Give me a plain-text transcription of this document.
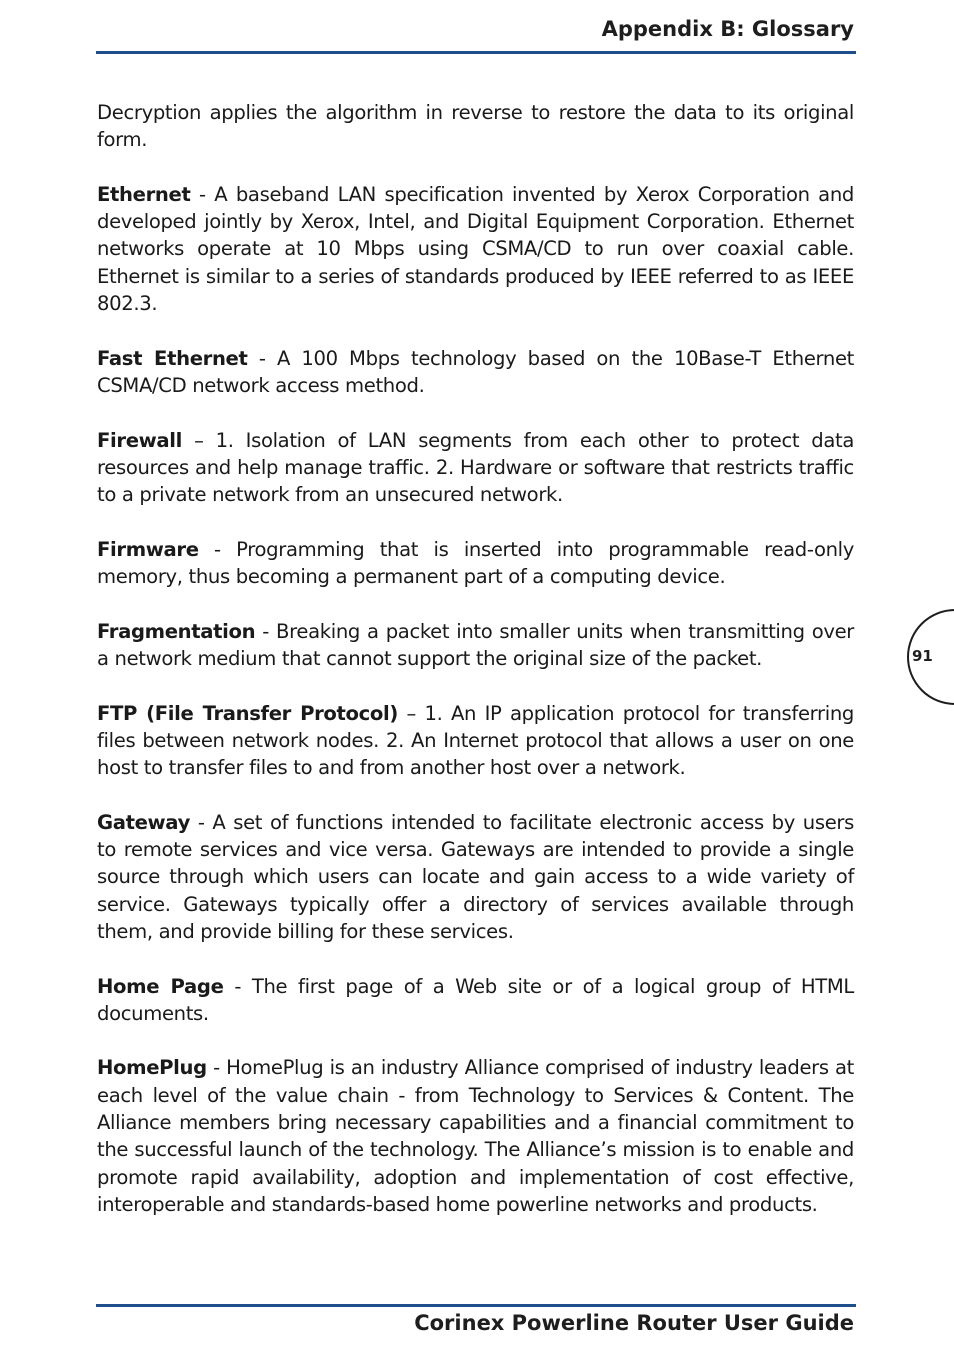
Appendix B: Glossary

Decryption applies the algorithm in reverse to restore the data to its original form.

Ethernet - A baseband LAN specification invented by Xerox Corporation and developed jointly by Xerox, Intel, and Digital Equipment Corporation. Ethernet networks operate at 10 Mbps using CSMA/CD to run over coaxial cable. Ethernet is similar to a series of standards produced by IEEE referred to as IEEE 802.3.

Fast Ethernet - A 100 Mbps technology based on the 10Base-T Ethernet CSMA/CD network access method.

Firewall – 1. Isolation of LAN segments from each other to protect data resources and help manage traffic. 2. Hardware or software that restricts traffic to a private network from an unsecured network.

Firmware - Programming that is inserted into programmable read-only memory, thus becoming a permanent part of a computing device.

Fragmentation - Breaking a packet into smaller units when transmitting over a network medium that cannot support the original size of the packet.

FTP (File Transfer Protocol) – 1. An IP application protocol for transferring files between network nodes. 2. An Internet protocol that allows a user on one host to transfer files to and from another host over a network.

Gateway - A set of functions intended to facilitate electronic access by users to remote services and vice versa. Gateways are intended to provide a single source through which users can locate and gain access to a wide variety of service. Gateways typically offer a directory of services available through them, and provide billing for these services.

Home Page - The first page of a Web site or of a logical group of HTML documents.

HomePlug - HomePlug is an industry Alliance comprised of industry leaders at each level of the value chain - from Technology to Services & Content. The Alliance members bring necessary capabilities and a financial commitment to the successful launch of the technology. The Alliance’s mission is to enable and promote rapid availability, adoption and implementation of cost effective, interoperable and standards-based home powerline networks and products.

91
Corinex Powerline Router User Guide
